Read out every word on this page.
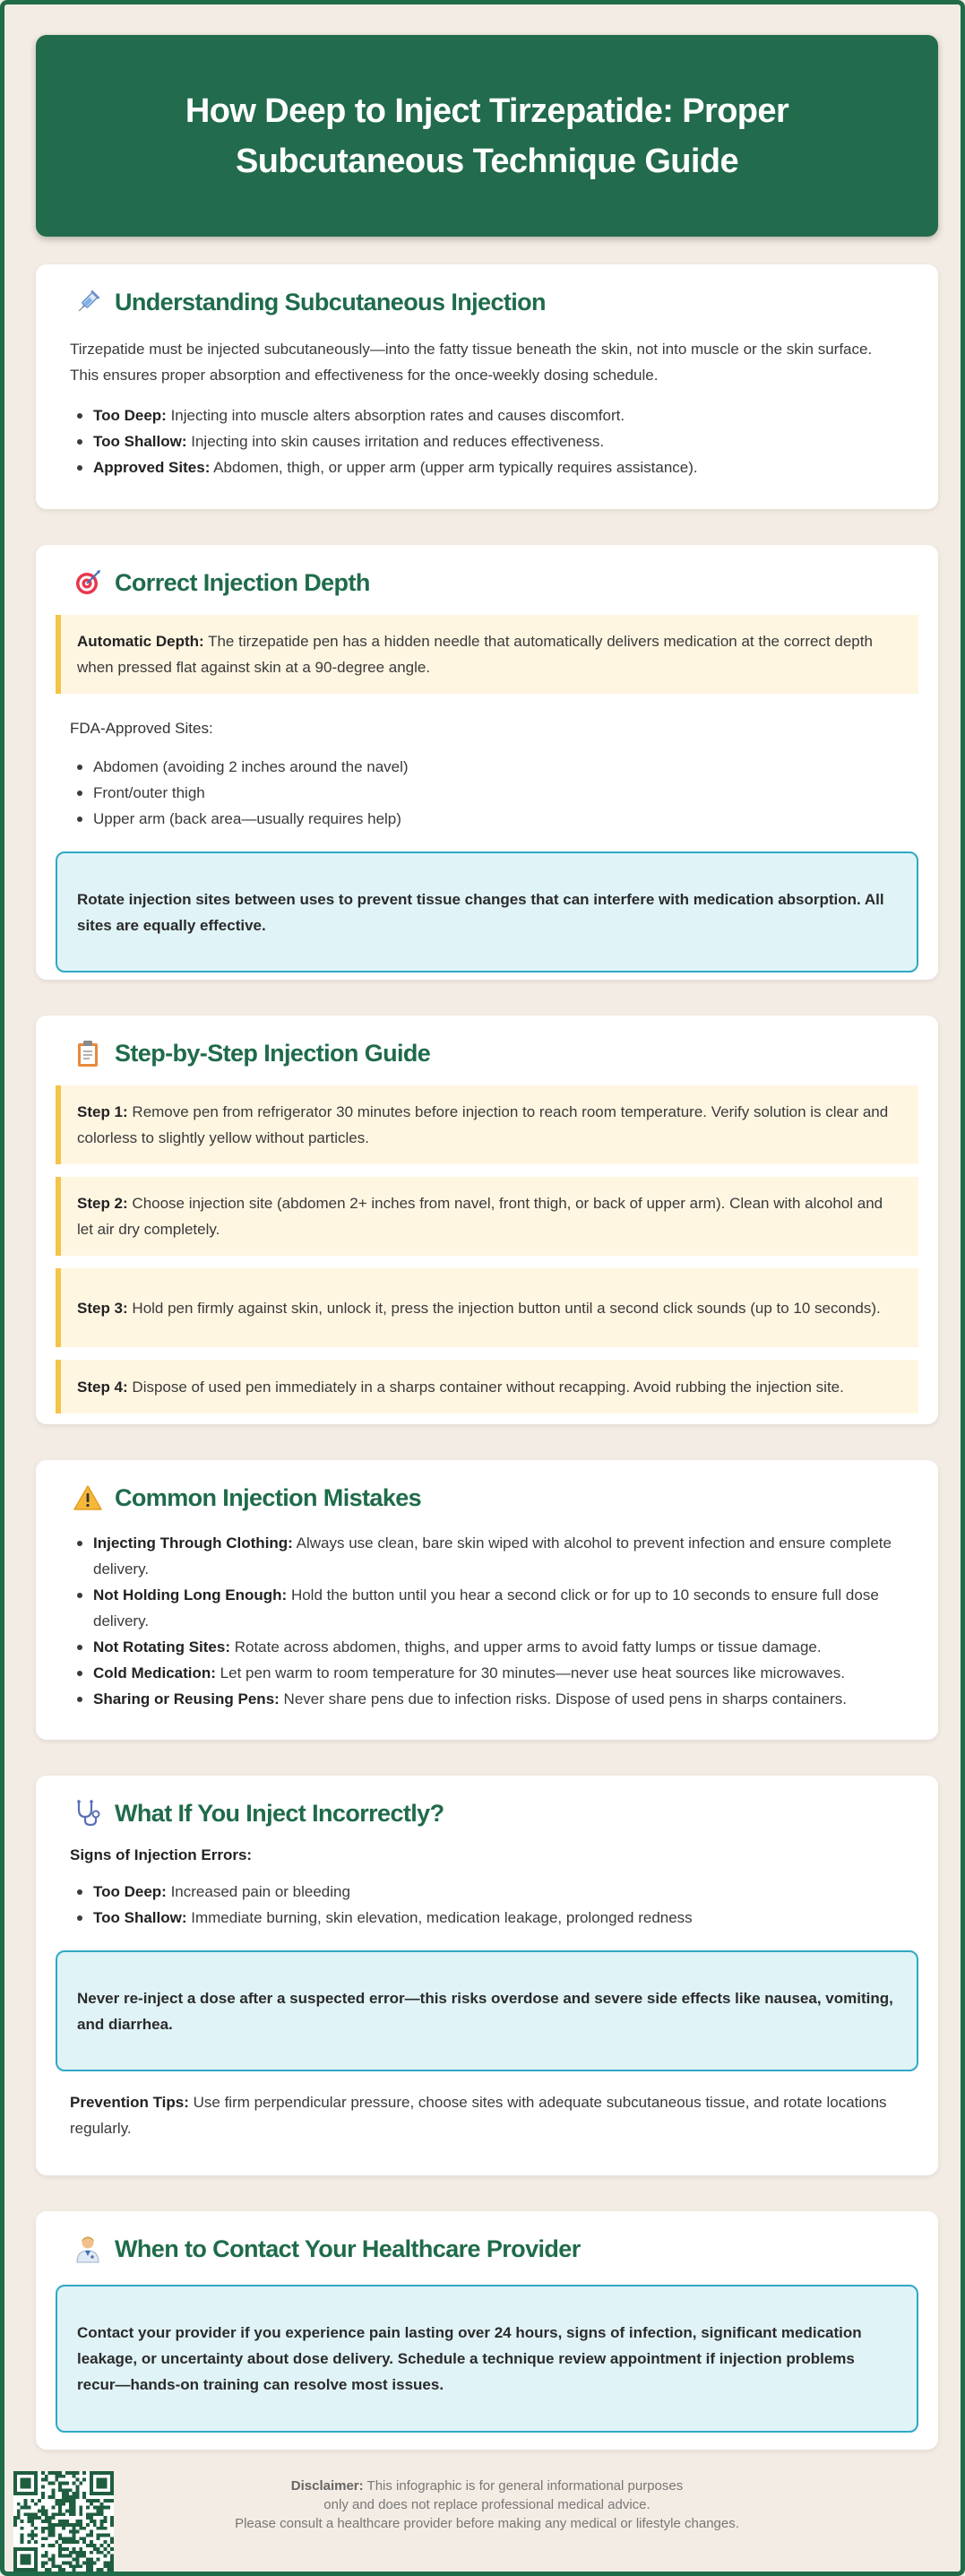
How Deep to Inject Tirzepatide: Proper Subcutaneous Technique Guide
Understanding Subcutaneous Injection

Tirzepatide must be injected subcutaneously—into the fatty tissue beneath the skin, not into muscle or the skin surface. This ensures proper absorption and effectiveness for the once-weekly dosing schedule.

Too Deep: Injecting into muscle alters absorption rates and causes discomfort.
Too Shallow: Injecting into skin causes irritation and reduces effectiveness.
Approved Sites: Abdomen, thigh, or upper arm (upper arm typically requires assistance).
Correct Injection Depth
Automatic Depth: The tirzepatide pen has a hidden needle that automatically delivers medication at the correct depth when pressed flat against skin at a 90-degree angle.

FDA-Approved Sites:

Abdomen (avoiding 2 inches around the navel)
Front/outer thigh
Upper arm (back area—usually requires help)
Rotate injection sites between uses to prevent tissue changes that can interfere with medication absorption. All sites are equally effective.
Step-by-Step Injection Guide
Step 1: Remove pen from refrigerator 30 minutes before injection to reach room temperature. Verify solution is clear and colorless to slightly yellow without particles.
Step 2: Choose injection site (abdomen 2+ inches from navel, front thigh, or back of upper arm). Clean with alcohol and let air dry completely.
Step 3: Hold pen firmly against skin, unlock it, press the injection button until a second click sounds (up to 10 seconds).
Step 4: Dispose of used pen immediately in a sharps container without recapping. Avoid rubbing the injection site.
Common Injection Mistakes
Injecting Through Clothing: Always use clean, bare skin wiped with alcohol to prevent infection and ensure complete delivery.
Not Holding Long Enough: Hold the button until you hear a second click or for up to 10 seconds to ensure full dose delivery.
Not Rotating Sites: Rotate across abdomen, thighs, and upper arms to avoid fatty lumps or tissue damage.
Cold Medication: Let pen warm to room temperature for 30 minutes—never use heat sources like microwaves.
Sharing or Reusing Pens: Never share pens due to infection risks. Dispose of used pens in sharps containers.
What If You Inject Incorrectly?

Signs of Injection Errors:

Too Deep: Increased pain or bleeding
Too Shallow: Immediate burning, skin elevation, medication leakage, prolonged redness
Never re-inject a dose after a suspected error—this risks overdose and severe side effects like nausea, vomiting, and diarrhea.

Prevention Tips: Use firm perpendicular pressure, choose sites with adequate subcutaneous tissue, and rotate locations regularly.

When to Contact Your Healthcare Provider
Contact your provider if you experience pain lasting over 24 hours, signs of infection, significant medication leakage, or uncertainty about dose delivery. Schedule a technique review appointment if injection problems recur—hands-on training can resolve most issues.
Disclaimer: This infographic is for general informational purposes
only and does not replace professional medical advice.
Please consult a healthcare provider before making any medical or lifestyle changes.
